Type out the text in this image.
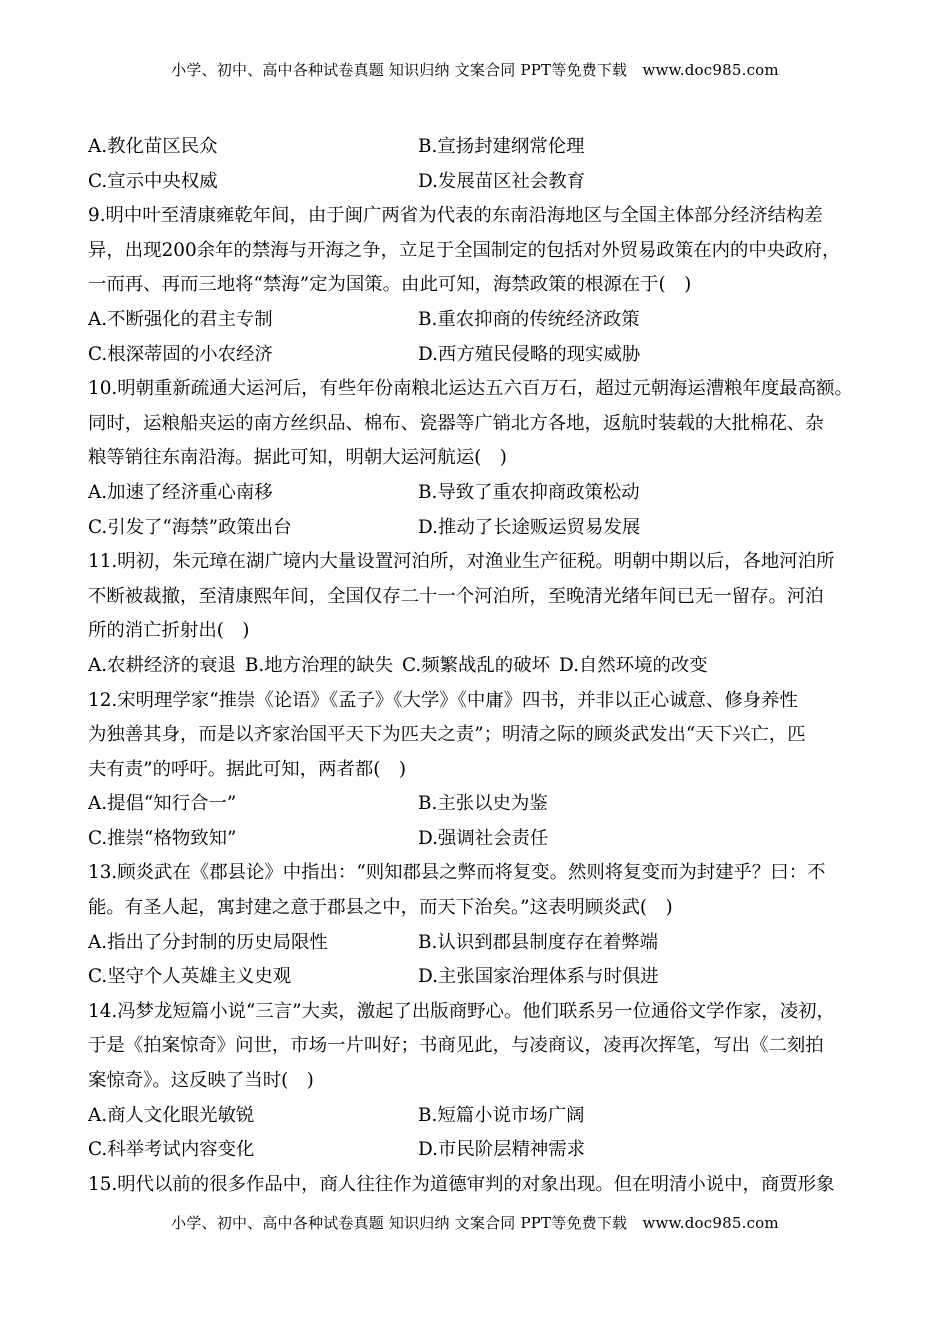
小学、初中、高中各种试卷真题 知识归纳 文案合同 PPT等免费下载　www.doc985.com
A.教化苗区民众	B.宣扬封建纲常伦理
C.宣示中央权威	D.发展苗区社会教育
9.明中叶至清康雍乾年间，由于闽广两省为代表的东南沿海地区与全国主体部分经济结构差
异，出现200余年的禁海与开海之争，立足于全国制定的包括对外贸易政策在内的中央政府，
一而再、再而三地将“禁海”定为国策。由此可知，海禁政策的根源在于(　)
A.不断强化的君主专制	B.重农抑商的传统经济政策
C.根深蒂固的小农经济	D.西方殖民侵略的现实威胁
10.明朝重新疏通大运河后，有些年份南粮北运达五六百万石，超过元朝海运漕粮年度最高额。
同时，运粮船夹运的南方丝织品、棉布、瓷器等广销北方各地，返航时装载的大批棉花、杂
粮等销往东南沿海。据此可知，明朝大运河航运(　)
A.加速了经济重心南移	B.导致了重农抑商政策松动
C.引发了“海禁”政策出台	D.推动了长途贩运贸易发展
11.明初，朱元璋在湖广境内大量设置河泊所，对渔业生产征税。明朝中期以后，各地河泊所
不断被裁撤，至清康熙年间，全国仅存二十一个河泊所，至晚清光绪年间已无一留存。河泊
所的消亡折射出(　)
A.农耕经济的衰退 B.地方治理的缺失 C.频繁战乱的破坏 D.自然环境的改变
12.宋明理学家“推崇《论语》《孟子》《大学》《中庸》四书，并非以正心诚意、修身养性
为独善其身，而是以齐家治国平天下为匹夫之责”；明清之际的顾炎武发出“天下兴亡，匹
夫有责”的呼吁。据此可知，两者都(　)
A.提倡“知行合一”	B.主张以史为鉴
C.推崇“格物致知”	D.强调社会责任
13.顾炎武在《郡县论》中指出：“则知郡县之弊而将复变。然则将复变而为封建乎？曰：不
能。有圣人起，寓封建之意于郡县之中，而天下治矣。”这表明顾炎武(　)
A.指出了分封制的历史局限性	B.认识到郡县制度存在着弊端
C.坚守个人英雄主义史观	D.主张国家治理体系与时俱进
14.冯梦龙短篇小说“三言”大卖，激起了出版商野心。他们联系另一位通俗文学作家，凌初，
于是《拍案惊奇》问世，市场一片叫好；书商见此，与凌商议，凌再次挥笔，写出《二刻拍
案惊奇》。这反映了当时(　)
A.商人文化眼光敏锐	B.短篇小说市场广阔
C.科举考试内容变化	D.市民阶层精神需求
15.明代以前的很多作品中，商人往往作为道德审判的对象出现。但在明清小说中，商贾形象
小学、初中、高中各种试卷真题 知识归纳 文案合同 PPT等免费下载　www.doc985.com
